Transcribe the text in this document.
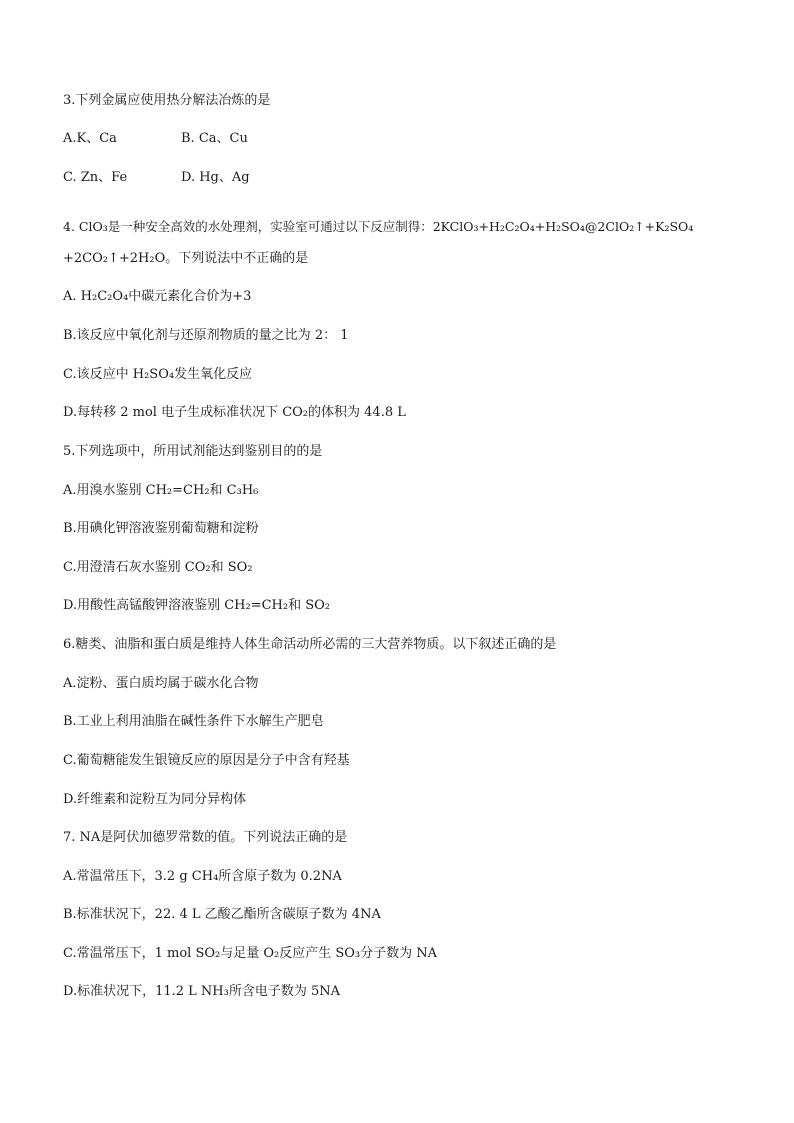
3.下列金属应使用热分解法冶炼的是
A.K、Ca	B. Ca、Cu
C. Zn、Fe	D. Hg、Ag
4. ClO₃是一种安全高效的水处理剂，实验室可通过以下反应制得：2KClO₃+H₂C₂O₄+H₂SO₄@2ClO₂↑+K₂SO₄
+2CO₂↑+2H₂O。下列说法中不正确的是
A. H₂C₂O₄中碳元素化合价为+3
B.该反应中氧化剂与还原剂物质的量之比为 2： 1
C.该反应中 H₂SO₄发生氧化反应
D.每转移 2 mol 电子生成标准状况下 CO₂的体积为 44.8 L
5.下列选项中，所用试剂能达到鉴别目的的是
A.用溴水鉴别 CH₂=CH₂和 C₃H₆
B.用碘化钾溶液鉴别葡萄糖和淀粉
C.用澄清石灰水鉴别 CO₂和 SO₂
D.用酸性高锰酸钾溶液鉴别 CH₂=CH₂和 SO₂
6.糖类、油脂和蛋白质是维持人体生命活动所必需的三大营养物质。以下叙述正确的是
A.淀粉、蛋白质均属于碳水化合物
B.工业上利用油脂在碱性条件下水解生产肥皂
C.葡萄糖能发生银镜反应的原因是分子中含有羟基
D.纤维素和淀粉互为同分异构体
7. NA是阿伏加德罗常数的值。下列说法正确的是
A.常温常压下，3.2 g CH₄所含原子数为 0.2NA
B.标准状况下，22. 4 L 乙酸乙酯所含碳原子数为 4NA
C.常温常压下，1 mol SO₂与足量 O₂反应产生 SO₃分子数为 NA
D.标准状况下，11.2 L NH₃所含电子数为 5NA
